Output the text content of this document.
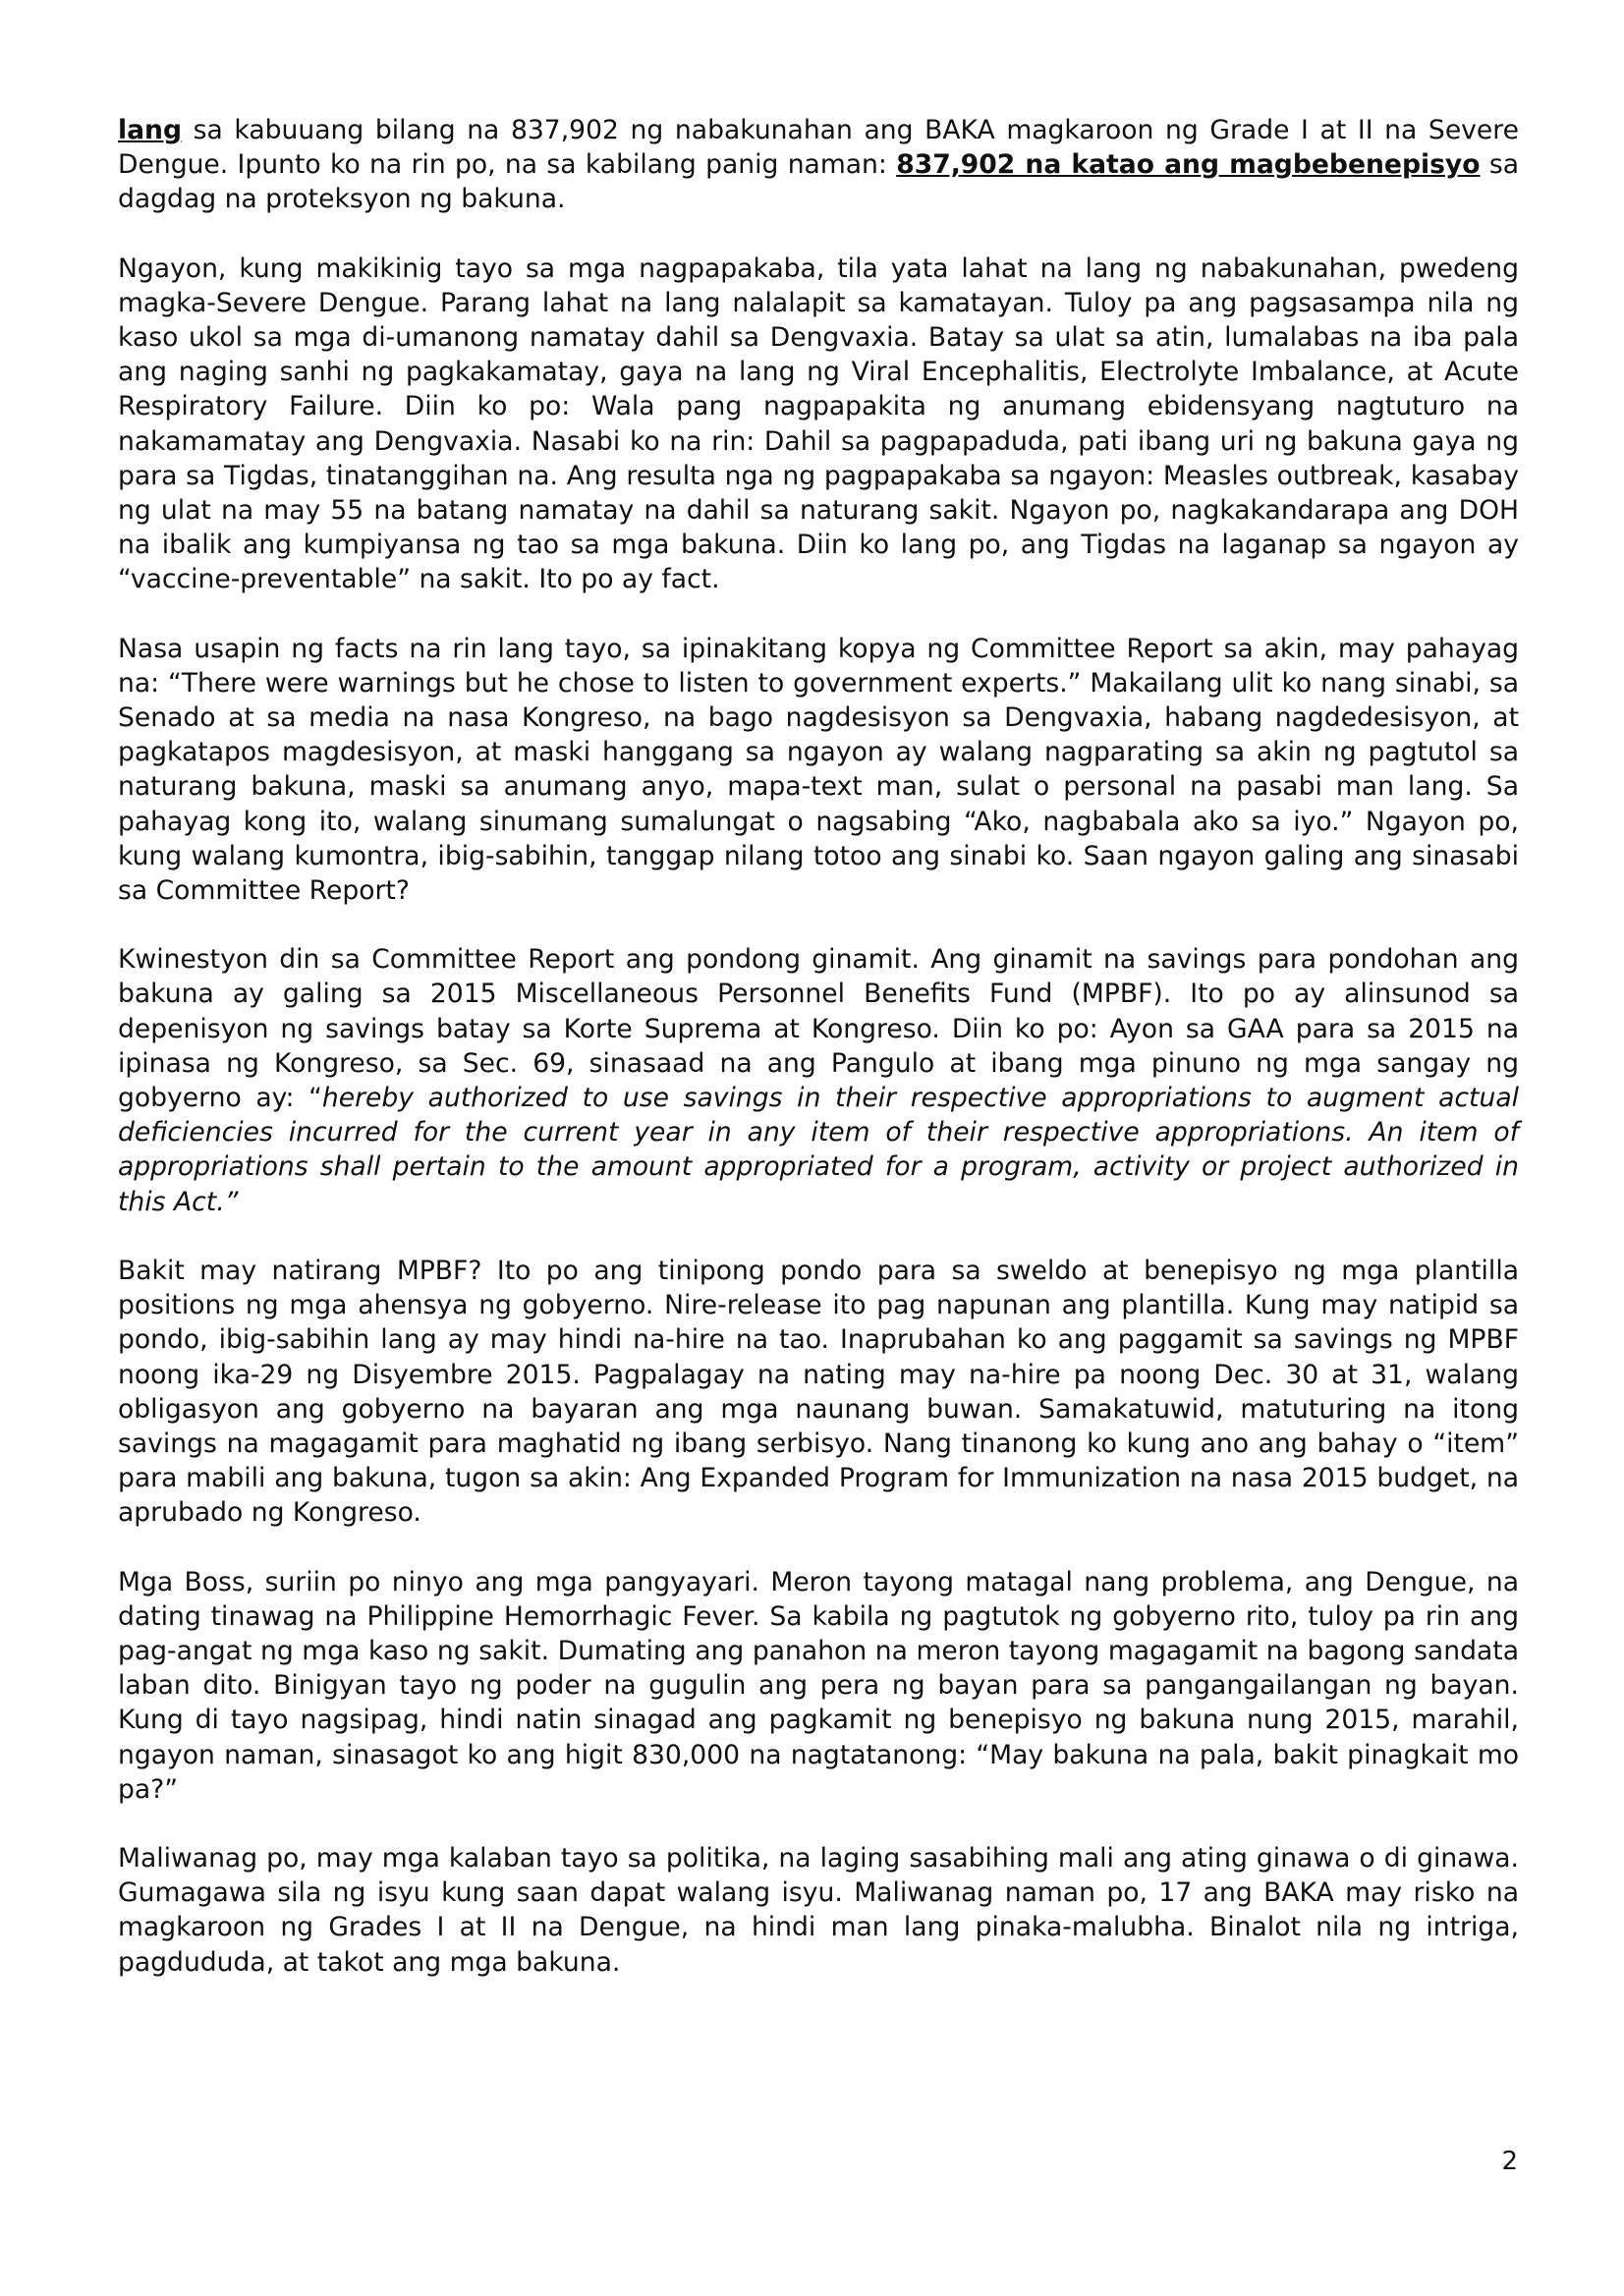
lang sa kabuuang bilang na 837,902 ng nabakunahan ang BAKA magkaroon ng Grade I at II na Severe Dengue. Ipunto ko na rin po, na sa kabilang panig naman: 837,902 na katao ang magbebenepisyo sa dagdag na proteksyon ng bakuna.

Ngayon, kung makikinig tayo sa mga nagpapakaba, tila yata lahat na lang ng nabakunahan, pwedeng magka-Severe Dengue. Parang lahat na lang nalalapit sa kamatayan. Tuloy pa ang pagsasampa nila ng kaso ukol sa mga di-umanong namatay dahil sa Dengvaxia. Batay sa ulat sa atin, lumalabas na iba pala ang naging sanhi ng pagkakamatay, gaya na lang ng Viral Encephalitis, Electrolyte Imbalance, at Acute Respiratory Failure. Diin ko po: Wala pang nagpapakita ng anumang ebidensyang nagtuturo na nakamamatay ang Dengvaxia. Nasabi ko na rin: Dahil sa pagpapaduda, pati ibang uri ng bakuna gaya ng para sa Tigdas, tinatanggihan na. Ang resulta nga ng pagpapakaba sa ngayon: Measles outbreak, kasabay ng ulat na may 55 na batang namatay na dahil sa naturang sakit. Ngayon po, nagkakandarapa ang DOH na ibalik ang kumpiyansa ng tao sa mga bakuna. Diin ko lang po, ang Tigdas na laganap sa ngayon ay “vaccine-preventable” na sakit. Ito po ay fact.

Nasa usapin ng facts na rin lang tayo, sa ipinakitang kopya ng Committee Report sa akin, may pahayag na: “There were warnings but he chose to listen to government experts.” Makailang ulit ko nang sinabi, sa Senado at sa media na nasa Kongreso, na bago nagdesisyon sa Dengvaxia, habang nagdedesisyon, at pagkatapos magdesisyon, at maski hanggang sa ngayon ay walang nagparating sa akin ng pagtutol sa naturang bakuna, maski sa anumang anyo, mapa-text man, sulat o personal na pasabi man lang. Sa pahayag kong ito, walang sinumang sumalungat o nagsabing “Ako, nagbabala ako sa iyo.” Ngayon po, kung walang kumontra, ibig-sabihin, tanggap nilang totoo ang sinabi ko. Saan ngayon galing ang sinasabi sa Committee Report?

Kwinestyon din sa Committee Report ang pondong ginamit. Ang ginamit na savings para pondohan ang bakuna ay galing sa 2015 Miscellaneous Personnel Benefits Fund (MPBF). Ito po ay alinsunod sa depenisyon ng savings batay sa Korte Suprema at Kongreso. Diin ko po: Ayon sa GAA para sa 2015 na ipinasa ng Kongreso, sa Sec. 69, sinasaad na ang Pangulo at ibang mga pinuno ng mga sangay ng gobyerno ay: “hereby authorized to use savings in their respective appropriations to augment actual deficiencies incurred for the current year in any item of their respective appropriations. An item of appropriations shall pertain to the amount appropriated for a program, activity or project authorized in this Act.”

Bakit may natirang MPBF? Ito po ang tinipong pondo para sa sweldo at benepisyo ng mga plantilla positions ng mga ahensya ng gobyerno. Nire-release ito pag napunan ang plantilla. Kung may natipid sa pondo, ibig-sabihin lang ay may hindi na-hire na tao. Inaprubahan ko ang paggamit sa savings ng MPBF noong ika-29 ng Disyembre 2015. Pagpalagay na nating may na-hire pa noong Dec. 30 at 31, walang obligasyon ang gobyerno na bayaran ang mga naunang buwan. Samakatuwid, matuturing na itong savings na magagamit para maghatid ng ibang serbisyo. Nang tinanong ko kung ano ang bahay o “item” para mabili ang bakuna, tugon sa akin: Ang Expanded Program for Immunization na nasa 2015 budget, na aprubado ng Kongreso.

Mga Boss, suriin po ninyo ang mga pangyayari. Meron tayong matagal nang problema, ang Dengue, na dating tinawag na Philippine Hemorrhagic Fever. Sa kabila ng pagtutok ng gobyerno rito, tuloy pa rin ang pag-angat ng mga kaso ng sakit. Dumating ang panahon na meron tayong magagamit na bagong sandata laban dito. Binigyan tayo ng poder na gugulin ang pera ng bayan para sa pangangailangan ng bayan. Kung di tayo nagsipag, hindi natin sinagad ang pagkamit ng benepisyo ng bakuna nung 2015, marahil, ngayon naman, sinasagot ko ang higit 830,000 na nagtatanong: “May bakuna na pala, bakit pinagkait mo pa?”

Maliwanag po, may mga kalaban tayo sa politika, na laging sasabihing mali ang ating ginawa o di ginawa. Gumagawa sila ng isyu kung saan dapat walang isyu. Maliwanag naman po, 17 ang BAKA may risko na magkaroon ng Grades I at II na Dengue, na hindi man lang pinaka-malubha. Binalot nila ng intriga, pagdududa, at takot ang mga bakuna.

2
